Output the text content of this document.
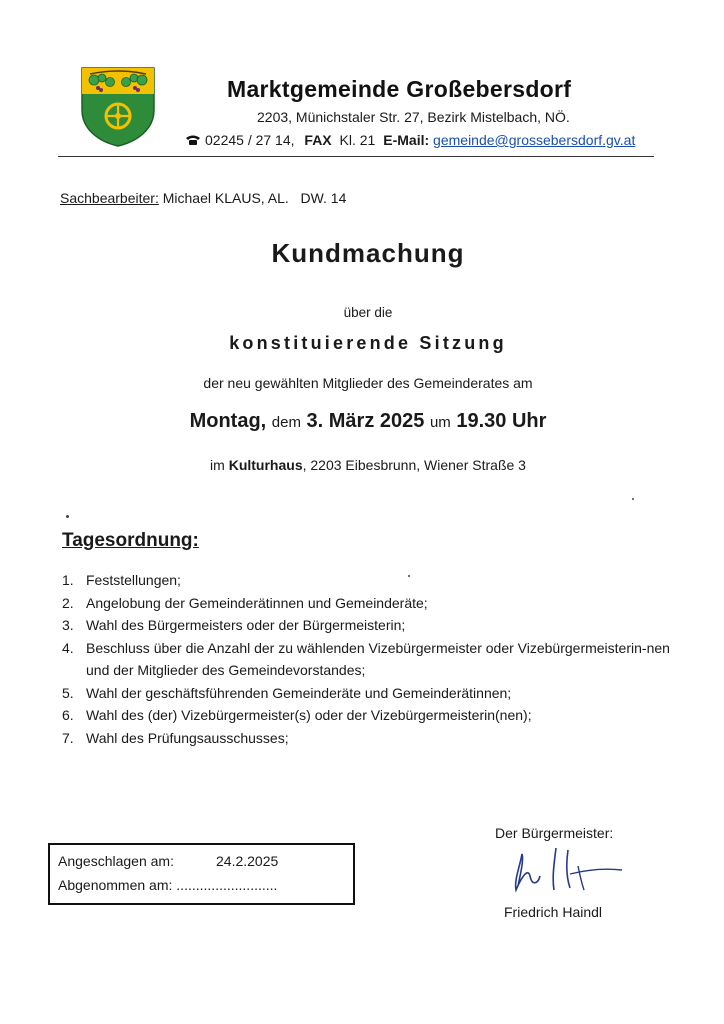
Marktgemeinde Großebersdorf
2203, Münichstaler Str. 27, Bezirk Mistelbach, NÖ.
02245 / 27 14, FAX Kl. 21 E-Mail: gemeinde@grossebersdorf.gv.at
Sachbearbeiter: Michael KLAUS, AL.   DW. 14
Kundmachung
über die
konstituierende Sitzung
der neu gewählten Mitglieder des Gemeinderates am
Montag, dem 3. März 2025 um 19.30 Uhr
im Kulturhaus, 2203 Eibesbrunn, Wiener Straße 3
Tagesordnung:
1. Feststellungen;
2. Angelobung der Gemeinderätinnen und Gemeinderäte;
3. Wahl des Bürgermeisters oder der Bürgermeisterin;
4. Beschluss über die Anzahl der zu wählenden Vizebürgermeister oder Vizebürgermeisterin-nen und der Mitglieder des Gemeindevorstandes;
5. Wahl der geschäftsführenden Gemeinderäte und Gemeinderätinnen;
6. Wahl des (der) Vizebürgermeister(s) oder der Vizebürgermeisterin(nen);
7. Wahl des Prüfungsausschusses;
Angeschlagen am:	24.2.2025
Abgenommen am: ..........................
Der Bürgermeister:
Friedrich Haindl
